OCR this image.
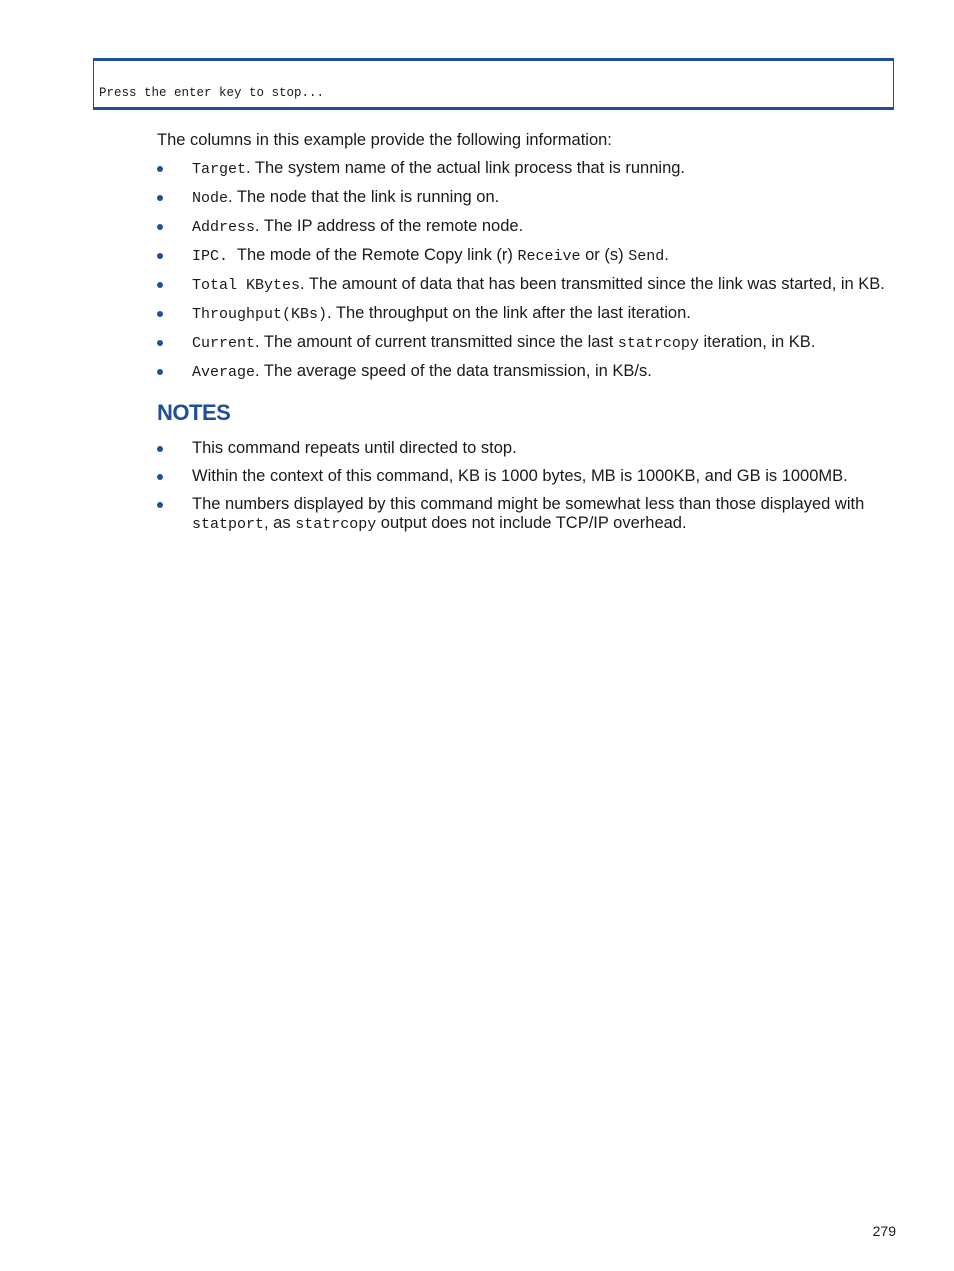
Press the enter key to stop...

The columns in this example provide the following information:

Target. The system name of the actual link process that is running.
Node. The node that the link is running on.
Address. The IP address of the remote node.
IPC.  The mode of the Remote Copy link (r) Receive or (s) Send.
Total KBytes. The amount of data that has been transmitted since the link was started, in KB.
Throughput(KBs). The throughput on the link after the last iteration.
Current. The amount of current transmitted since the last statrcopy iteration, in KB.
Average. The average speed of the data transmission, in KB/s.
NOTES
This command repeats until directed to stop.
Within the context of this command, KB is 1000 bytes, MB is 1000KB, and GB is 1000MB.
The numbers displayed by this command might be somewhat less than those displayed with statport, as statrcopy output does not include TCP/IP overhead.
279
